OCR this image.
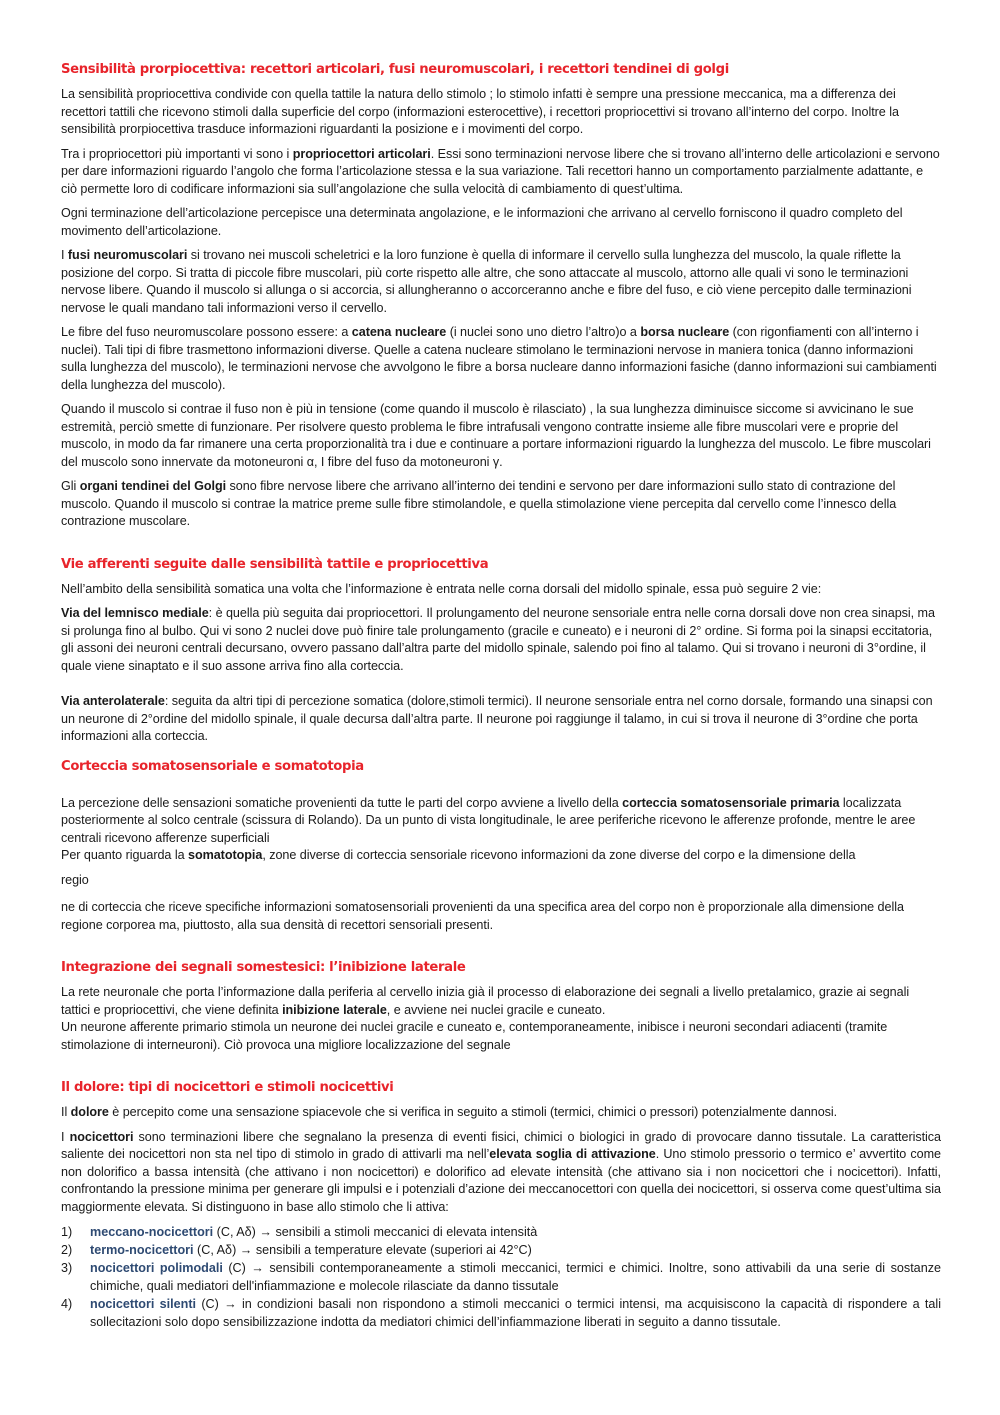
Sensibilità prorpiocettiva: recettori articolari, fusi neuromuscolari, i recettori tendinei di golgi

La sensibilità propriocettiva condivide con quella tattile la natura dello stimolo ; lo stimolo infatti è sempre una pressione meccanica, ma a differenza dei recettori tattili che ricevono stimoli dalla superficie del corpo (informazioni esterocettive), i recettori propriocettivi si trovano all’interno del corpo. Inoltre la sensibilità prorpiocettiva trasduce informazioni riguardanti la posizione e i movimenti del corpo.

Tra i propriocettori più importanti vi sono i propriocettori articolari. Essi sono terminazioni nervose libere che si trovano all’interno delle articolazioni e servono per dare informazioni riguardo l’angolo che forma l’articolazione stessa e la sua variazione. Tali recettori hanno un comportamento parzialmente adattante, e ciò permette loro di codificare informazioni sia sull’angolazione che sulla velocità di cambiamento di quest’ultima.

Ogni terminazione dell’articolazione percepisce una determinata angolazione, e le informazioni che arrivano al cervello forniscono il quadro completo del movimento dell’articolazione.

I fusi neuromuscolari si trovano nei muscoli scheletrici e la loro funzione è quella di informare il cervello sulla lunghezza del muscolo, la quale riflette la posizione del corpo. Si tratta di piccole fibre muscolari, più corte rispetto alle altre, che sono attaccate al muscolo, attorno alle quali vi sono le terminazioni nervose libere. Quando il muscolo si allunga o si accorcia, si allungheranno o accorceranno anche e fibre del fuso, e ciò viene percepito dalle terminazioni nervose le quali mandano tali informazioni verso il cervello.

Le fibre del fuso neuromuscolare possono essere: a catena nucleare (i nuclei sono uno dietro l’altro)o a borsa nucleare (con rigonfiamenti con all’interno i nuclei). Tali tipi di fibre trasmettono informazioni diverse. Quelle a catena nucleare stimolano le terminazioni nervose in maniera tonica (danno informazioni sulla lunghezza del muscolo), le terminazioni nervose che avvolgono le fibre a borsa nucleare danno informazioni fasiche (danno informazioni sui cambiamenti della lunghezza del muscolo).

Quando il muscolo si contrae il fuso non è più in tensione (come quando il muscolo è rilasciato) , la sua lunghezza diminuisce siccome si avvicinano le sue estremità, perciò smette di funzionare. Per risolvere questo problema le fibre intrafusali vengono contratte insieme alle fibre muscolari vere e proprie del muscolo, in modo da far rimanere una certa proporzionalità tra i due e continuare a portare informazioni riguardo la lunghezza del muscolo. Le fibre muscolari del muscolo sono innervate da motoneuroni α, I fibre del fuso da motoneuroni γ.

Gli organi tendinei del Golgi sono fibre nervose libere che arrivano all’interno dei tendini e servono per dare informazioni sullo stato di contrazione del muscolo. Quando il muscolo si contrae la matrice preme sulle fibre stimolandole, e quella stimolazione viene percepita dal cervello come l’innesco della contrazione muscolare.

Vie afferenti seguite dalle sensibilità tattile e propriocettiva

Nell’ambito della sensibilità somatica una volta che l’informazione è entrata nelle corna dorsali del midollo spinale, essa può seguire 2 vie:

Via del lemnisco mediale: è quella più seguita dai propriocettori. Il prolungamento del neurone sensoriale entra nelle corna dorsali dove non crea sinapsi, ma si prolunga fino al bulbo. Qui vi sono 2 nuclei dove può finire tale prolungamento (gracile e cuneato) e i neuroni di 2° ordine. Si forma poi la sinapsi eccitatoria, gli assoni dei neuroni centrali decursano, ovvero passano dall’altra parte del midollo spinale, salendo poi fino al talamo. Qui si trovano i neuroni di 3°ordine, il quale viene sinaptato e il suo assone arriva fino alla corteccia.

Via anterolaterale: seguita da altri tipi di percezione somatica (dolore,stimoli termici). Il neurone sensoriale entra nel corno dorsale, formando una sinapsi con un neurone di 2°ordine del midollo spinale, il quale decursa dall’altra parte. Il neurone poi raggiunge il talamo, in cui si trova il neurone di 3°ordine che porta informazioni alla corteccia.

Corteccia somatosensoriale e somatotopia

La percezione delle sensazioni somatiche provenienti da tutte le parti del corpo avviene a livello della corteccia somatosensoriale primaria localizzata posteriormente al solco centrale (scissura di Rolando). Da un punto di vista longitudinale, le aree periferiche ricevono le afferenze profonde, mentre le aree centrali ricevono afferenze superficiali

Per quanto riguarda la somatotopia, zone diverse di corteccia sensoriale ricevono informazioni da zone diverse del corpo e la dimensione della

regio

ne di corteccia che riceve specifiche informazioni somatosensoriali provenienti da una specifica area del corpo non è proporzionale alla dimensione della regione corporea ma, piuttosto, alla sua densità di recettori sensoriali presenti.

Integrazione dei segnali somestesici: l’inibizione laterale

La rete neuronale che porta l’informazione dalla periferia al cervello inizia già il processo di elaborazione dei segnali a livello pretalamico, grazie ai segnali tattici e propriocettivi, che viene definita inibizione laterale, e avviene nei nuclei gracile e cuneato.

Un neurone afferente primario stimola un neurone dei nuclei gracile e cuneato e, contemporaneamente, inibisce i neuroni secondari adiacenti (tramite stimolazione di interneuroni). Ciò provoca una migliore localizzazione del segnale

Il dolore: tipi di nocicettori e stimoli nocicettivi

Il dolore è percepito come una sensazione spiacevole che si verifica in seguito a stimoli (termici, chimici o pressori) potenzialmente dannosi.

I nocicettori sono terminazioni libere che segnalano la presenza di eventi fisici, chimici o biologici in grado di provocare danno tissutale. La caratteristica saliente dei nocicettori non sta nel tipo di stimolo in grado di attivarli ma nell’elevata soglia di attivazione. Uno stimolo pressorio o termico e’ avvertito come non dolorifico a bassa intensità (che attivano i non nocicettori) e dolorifico ad elevate intensità (che attivano sia i non nocicettori che i nocicettori). Infatti, confrontando la pressione minima per generare gli impulsi e i potenziali d’azione dei meccanocettori con quella dei nocicettori, si osserva come quest’ultima sia maggiormente elevata. Si distinguono in base allo stimolo che li attiva:

1) meccano-nocicettori (C, Aδ) → sensibili a stimoli meccanici di elevata intensità
2) termo-nocicettori (C, Aδ) → sensibili a temperature elevate (superiori ai 42°C)
3) nocicettori polimodali (C) → sensibili contemporaneamente a stimoli meccanici, termici e chimici. Inoltre, sono attivabili da una serie di sostanze chimiche, quali mediatori dell'infiammazione e molecole rilasciate da danno tissutale
4) nocicettori silenti (C) → in condizioni basali non rispondono a stimoli meccanici o termici intensi, ma acquisiscono la capacità di rispondere a tali sollecitazioni solo dopo sensibilizzazione indotta da mediatori chimici dell’infiammazione liberati in seguito a danno tissutale.
